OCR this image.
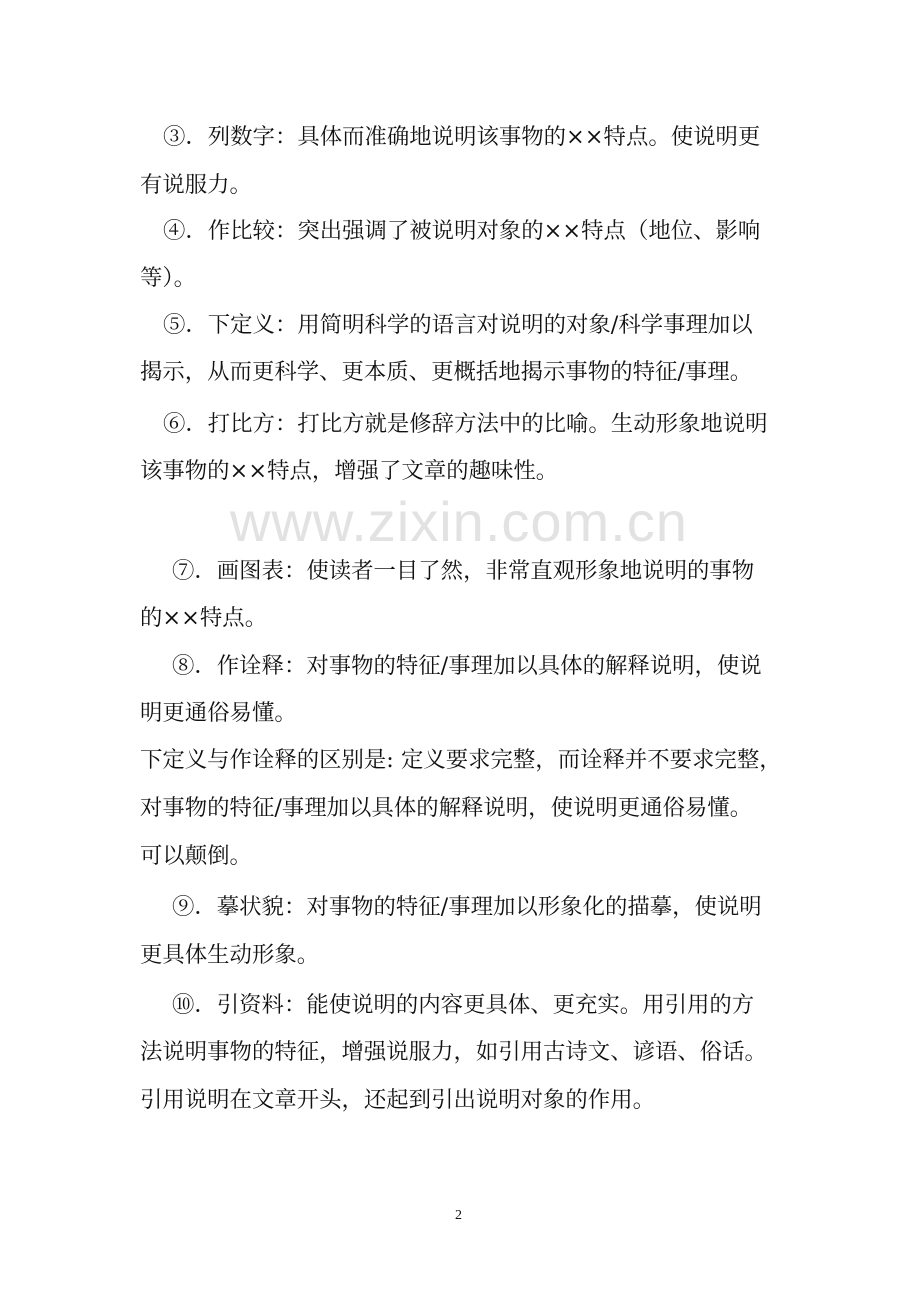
www.zixin.com.cn
③．列数字：具体而准确地说明该事物的××特点。使说明更
有说服力。
④．作比较：突出强调了被说明对象的××特点（地位、影响
等）。
⑤．下定义：用简明科学的语言对说明的对象/科学事理加以
揭示，从而更科学、更本质、更概括地揭示事物的特征/事理。
⑥．打比方：打比方就是修辞方法中的比喻。生动形象地说明
该事物的××特点，增强了文章的趣味性。
⑦．画图表：使读者一目了然，非常直观形象地说明的事物
的××特点。
⑧．作诠释：对事物的特征/事理加以具体的解释说明，使说
明更通俗易懂。
下定义与作诠释的区别是: 定义要求完整，而诠释并不要求完整，
对事物的特征/事理加以具体的解释说明，使说明更通俗易懂。
可以颠倒。
⑨．摹状貌：对事物的特征/事理加以形象化的描摹，使说明
更具体生动形象。
⑩．引资料：能使说明的内容更具体、更充实。用引用的方
法说明事物的特征，增强说服力，如引用古诗文、谚语、俗话。
引用说明在文章开头，还起到引出说明对象的作用。
2
